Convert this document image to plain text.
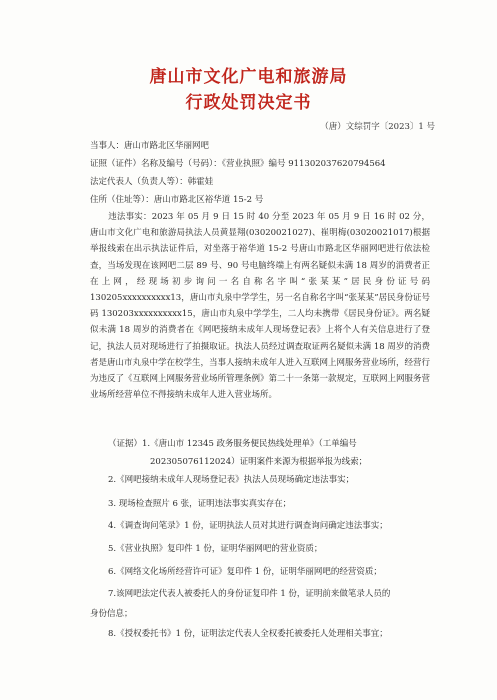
唐山市文化广电和旅游局
行政处罚决定书
（唐）文综罚字〔2023〕1 号
当事人：唐山市路北区华丽网吧
证照（证件）名称及编号（号码）：《营业执照》编号 911302037620794564
法定代表人（负责人等）：韩霍娃
住所（住址等）：唐山市路北区裕华道 15-2 号
违法事实：2023 年 05 月 9 日 15 时 40 分至 2023 年 05 月 9 日 16 时 02 分，唐山市文化广电和旅游局执法人员黄显翔(03020021027)、崔明梅(03020021017)根据举报线索在出示执法证件后，对坐落于裕华道 15-2 号唐山市路北区华丽网吧进行依法检查，当场发现在该网吧二层 89 号、90 号电脑终端上有两名疑似未满 18 周岁的消费者正在上网，经现场初步询问一名自称名字叫“张某某”居民身份证号码 130205xxxxxxxxxx13，唐山市丸泉中学学生，另一名自称名字叫“张某某”居民身份证号码 130203xxxxxxxxxx15，唐山市丸泉中学学生，二人均未携带《居民身份证》。两名疑似未满 18 周岁的消费者在《网吧接纳未成年人现场登记表》上将个人有关信息进行了登记，执法人员对现场进行了拍摄取证。执法人员经过调查取证两名疑似未满 18 周岁的消费者是唐山市丸泉中学在校学生，当事人接纳未成年人进入互联网上网服务营业场所，经营行为违反了《互联网上网服务营业场所管理条例》第二十一条第一款规定，互联网上网服务营业场所经营单位不得接纳未成年人进入营业场所。
（证据）1.《唐山市 12345 政务服务便民热线处理单》（工单编号
202305076112024）证明案件来源为根据举报为线索；
2.《网吧接纳未成年人现场登记表》执法人员现场确定违法事实；
3. 现场检查照片 6 张，证明违法事实真实存在；
4.《调查询问笔录》1 份，证明执法人员对其进行调查询问确定违法事实；
5.《营业执照》复印件 1 份，证明华丽网吧的营业资质；
6.《网络文化场所经营许可证》复印件 1 份，证明华丽网吧的经营资质；
7.该网吧法定代表人被委托人的身份证复印件 1 份，证明前来做笔录人员的
身份信息；
8.《授权委托书》1 份，证明法定代表人全权委托被委托人处理相关事宜；
